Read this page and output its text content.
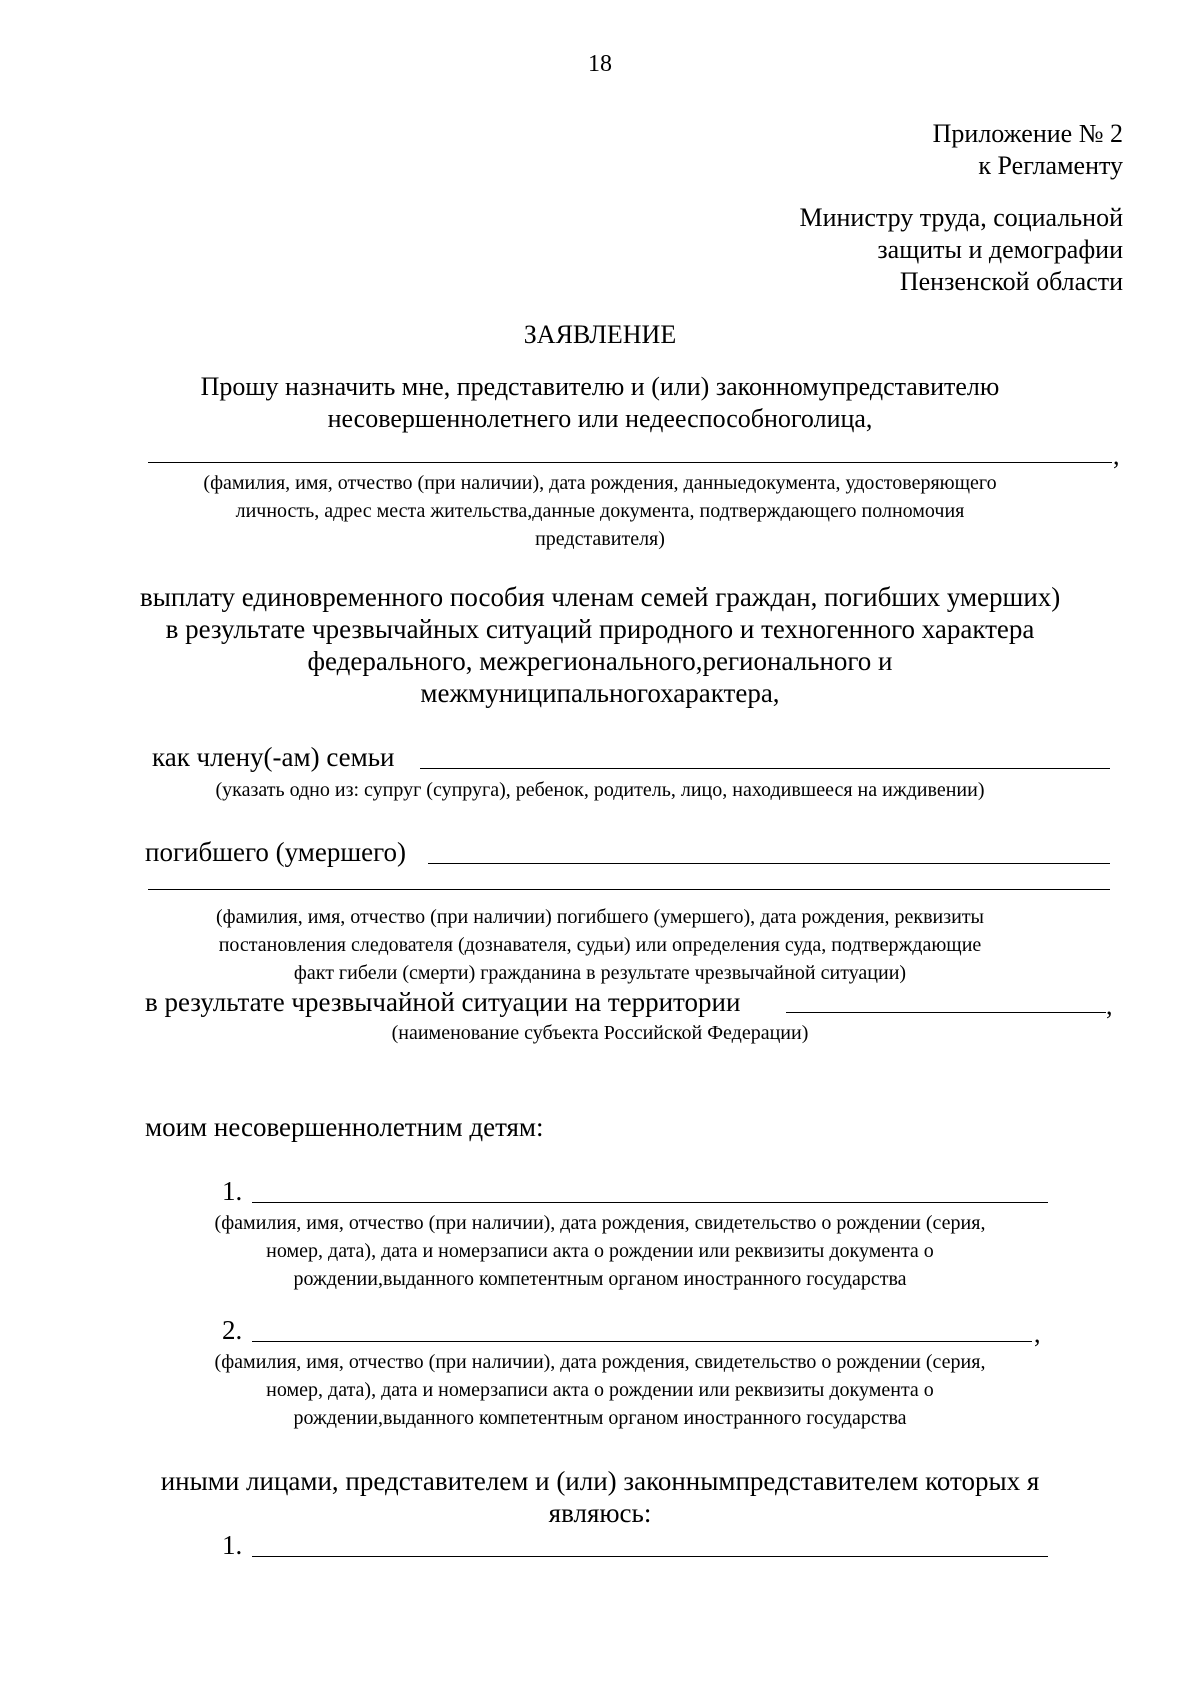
18

Приложение № 2

к Регламенту

Министру труда, социальной

защиты и демографии

Пензенской области

ЗАЯВЛЕНИЕ

Прошу назначить мне, представителю и (или) законномупредставителю

несовершеннолетнего или недееспособноголица,

,

(фамилия, имя, отчество (при наличии), дата рождения, данныедокумента, удостоверяющего

личность, адрес места жительства,данные документа, подтверждающего полномочия

представителя)

выплату единовременного пособия членам семей граждан, погибших умерших)

в результате чрезвычайных ситуаций природного и техногенного характера

федерального, межрегионального,регионального и

межмуниципальногохарактера,

как члену(-ам) семьи

(указать одно из: супруг (супруга), ребенок, родитель, лицо, находившееся на иждивении)

погибшего (умершего)

(фамилия, имя, отчество (при наличии) погибшего (умершего), дата рождения, реквизиты

постановления следователя (дознавателя, судьи) или определения суда, подтверждающие

факт гибели (смерти) гражданина в результате чрезвычайной ситуации)

в результате чрезвычайной ситуации на территории	,

(наименование субъекта Российской Федерации)

моим несовершеннолетним детям:

1.

(фамилия, имя, отчество (при наличии), дата рождения, свидетельство о рождении (серия,

номер, дата), дата и номерзаписи акта о рождении или реквизиты документа о

рождении,выданного компетентным органом иностранного государства

2.	,

(фамилия, имя, отчество (при наличии), дата рождения, свидетельство о рождении (серия,

номер, дата), дата и номерзаписи акта о рождении или реквизиты документа о

рождении,выданного компетентным органом иностранного государства

иными лицами, представителем и (или) законнымпредставителем которых я

являюсь:

1.
